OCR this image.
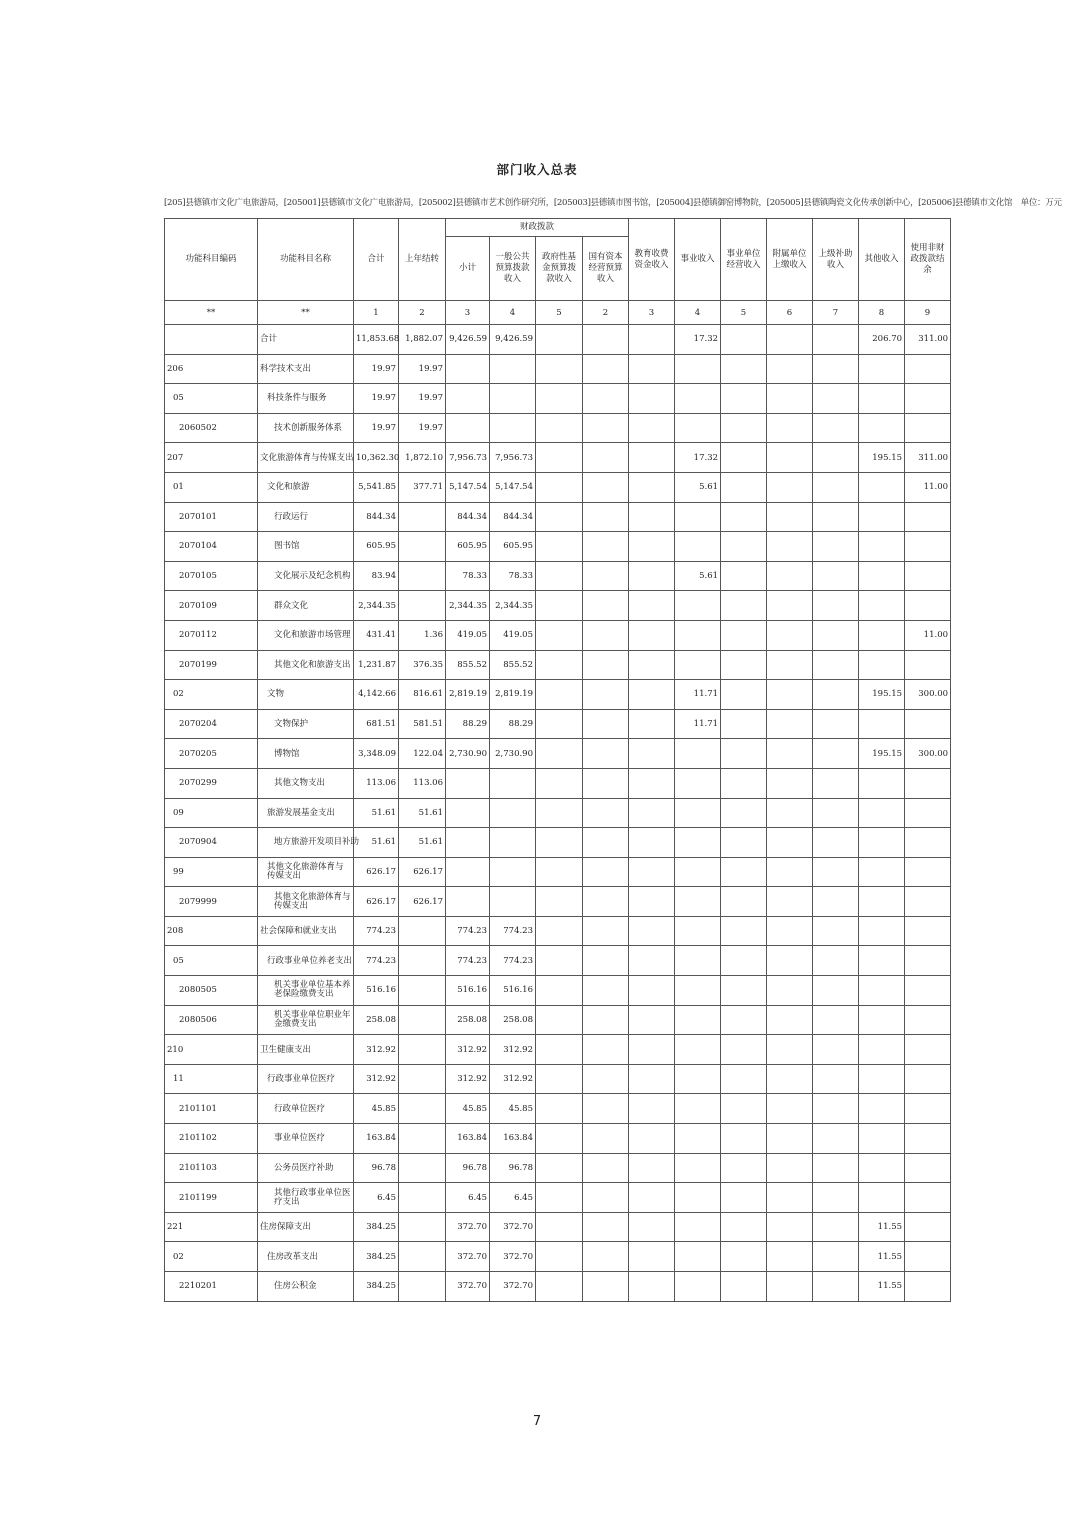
部门收入总表
[205]县德镇市文化广电旅游局，[205001]县德镇市文化广电旅游局，[205002]县德镇市艺术创作研究所，[205003]县德镇市图书馆，[205004]县德镇御窑博物院，[205005]县德镇陶瓷文化传承创新中心，[205006]县德镇市文化馆 单位：万元
功能科目编码	功能科目名称	合计	上年结转	财政拨款				教育收费资金收入	事业收入	事业单位经营收入	附属单位上缴收入	上级补助收入	其他收入	使用非财政拨款结余
				小计	一般公共预算拨款收入	政府性基金预算拨款收入	国有资本经营预算收入							
**	**	1	2	3	4	5	2	3	4	5	6	7	8	9
	合计	11,853.68	1,882.07	9,426.59	9,426.59				17.32				206.70	311.00
206	科学技术支出	19.97	19.97											
05	科技条件与服务	19.97	19.97											
2060502	技术创新服务体系	19.97	19.97											
207	文化旅游体育与传媒支出	10,362.30	1,872.10	7,956.73	7,956.73				17.32				195.15	311.00
01	文化和旅游	5,541.85	377.71	5,147.54	5,147.54				5.61					11.00
2070101	行政运行	844.34		844.34	844.34									
2070104	图书馆	605.95		605.95	605.95									
2070105	文化展示及纪念机构	83.94		78.33	78.33				5.61					
2070109	群众文化	2,344.35		2,344.35	2,344.35									
2070112	文化和旅游市场管理	431.41	1.36	419.05	419.05									11.00
2070199	其他文化和旅游支出	1,231.87	376.35	855.52	855.52									
02	文物	4,142.66	816.61	2,819.19	2,819.19				11.71				195.15	300.00
2070204	文物保护	681.51	581.51	88.29	88.29				11.71					
2070205	博物馆	3,348.09	122.04	2,730.90	2,730.90								195.15	300.00
2070299	其他文物支出	113.06	113.06											
09	旅游发展基金支出	51.61	51.61											
2070904	地方旅游开发项目补助	51.61	51.61											
99	其他文化旅游体育与传媒支出	626.17	626.17											
2079999	其他文化旅游体育与传媒支出	626.17	626.17											
208	社会保障和就业支出	774.23		774.23	774.23									
05	行政事业单位养老支出	774.23		774.23	774.23									
2080505	机关事业单位基本养老保险缴费支出	516.16		516.16	516.16									
2080506	机关事业单位职业年金缴费支出	258.08		258.08	258.08									
210	卫生健康支出	312.92		312.92	312.92									
11	行政事业单位医疗	312.92		312.92	312.92									
2101101	行政单位医疗	45.85		45.85	45.85									
2101102	事业单位医疗	163.84		163.84	163.84									
2101103	公务员医疗补助	96.78		96.78	96.78									
2101199	其他行政事业单位医疗支出	6.45		6.45	6.45									
221	住房保障支出	384.25		372.70	372.70								11.55	
02	住房改革支出	384.25		372.70	372.70								11.55	
2210201	住房公积金	384.25		372.70	372.70								11.55	
7
